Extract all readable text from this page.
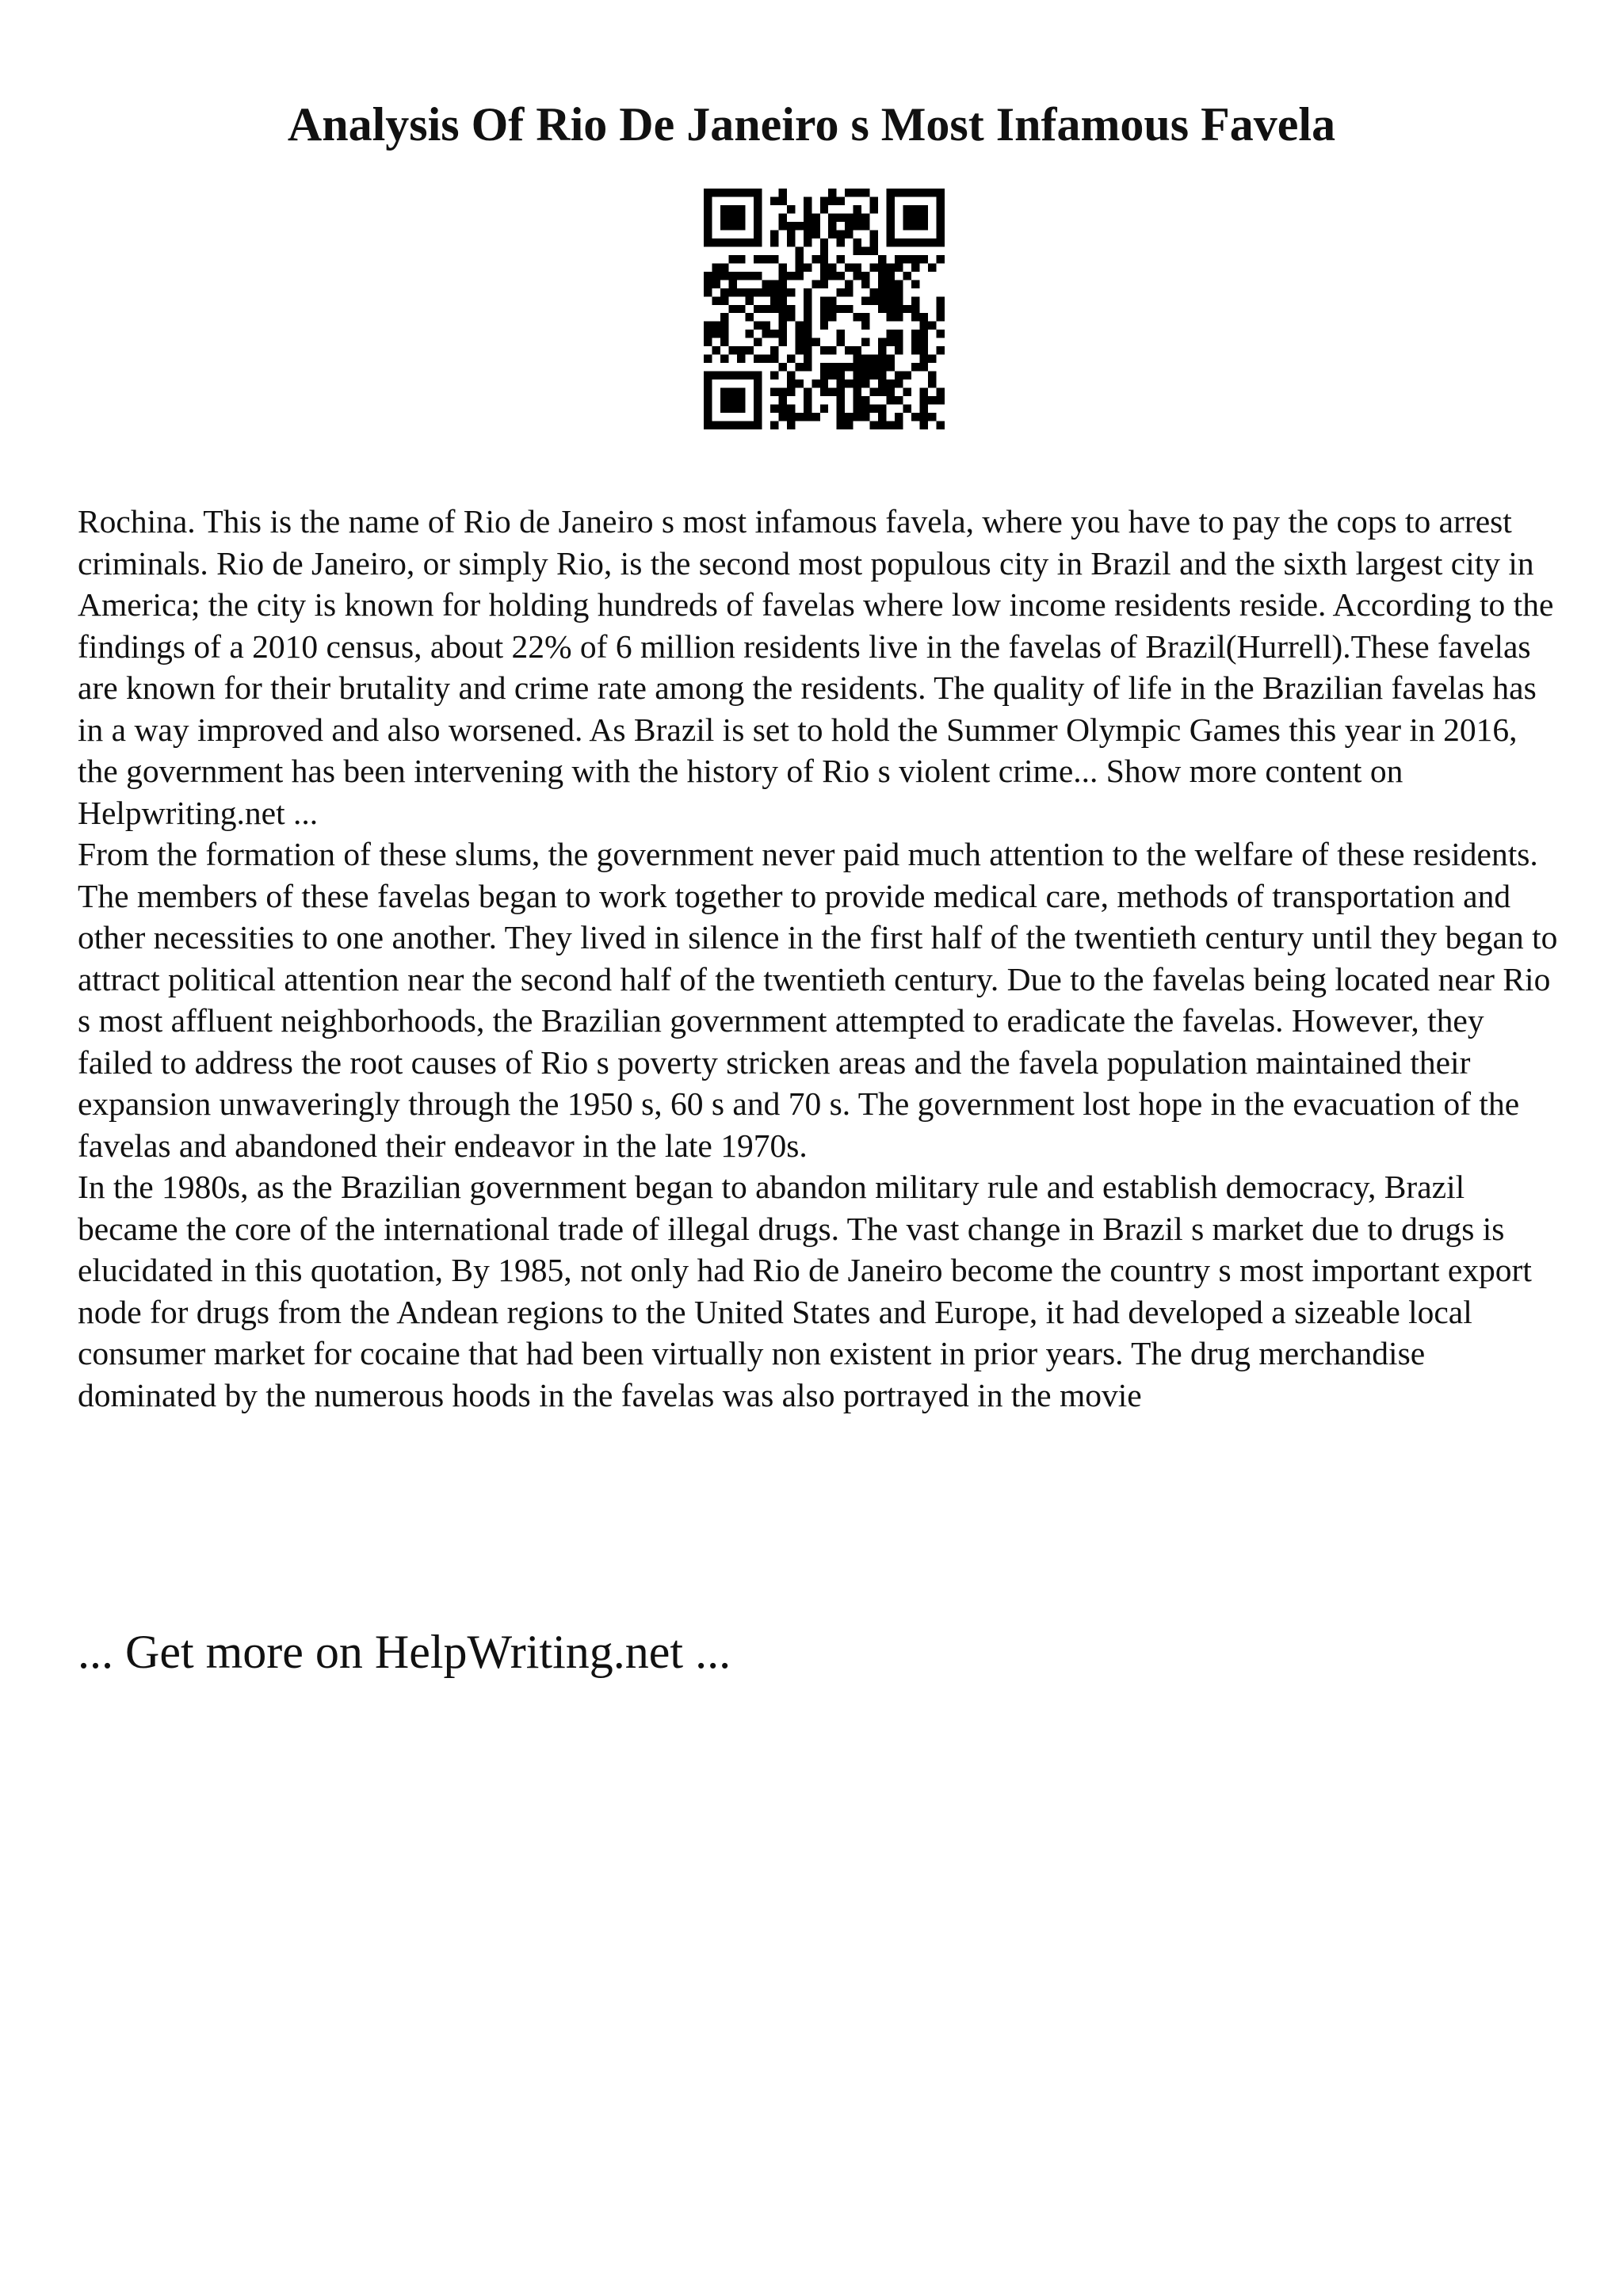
Analysis Of Rio De Janeiro s Most Infamous Favela

Rochina. This is the name of Rio de Janeiro s most infamous favela, where you have to pay the cops to arrest criminals. Rio de Janeiro, or simply Rio, is the second most populous city in Brazil and the sixth largest city in America; the city is known for holding hundreds of favelas where low income residents reside. According to the findings of a 2010 census, about 22% of 6 million residents live in the favelas of Brazil(Hurrell).These favelas are known for their brutality and crime rate among the residents. The quality of life in the Brazilian favelas has in a way improved and also worsened. As Brazil is set to hold the Summer Olympic Games this year in 2016, the government has been intervening with the history of Rio s violent crime... Show more content on Helpwriting.net ...

From the formation of these slums, the government never paid much attention to the welfare of these residents. The members of these favelas began to work together to provide medical care, methods of transportation and other necessities to one another. They lived in silence in the first half of the twentieth century until they began to attract political attention near the second half of the twentieth century. Due to the favelas being located near Rio s most affluent neighborhoods, the Brazilian government attempted to eradicate the favelas. However, they failed to address the root causes of Rio s poverty stricken areas and the favela population maintained their expansion unwaveringly through the 1950 s, 60 s and 70 s. The government lost hope in the evacuation of the favelas and abandoned their endeavor in the late 1970s.

In the 1980s, as the Brazilian government began to abandon military rule and establish democracy, Brazil became the core of the international trade of illegal drugs. The vast change in Brazil s market due to drugs is elucidated in this quotation, By 1985, not only had Rio de Janeiro become the country s most important export node for drugs from the Andean regions to the United States and Europe, it had developed a sizeable local consumer market for cocaine that had been virtually non existent in prior years. The drug merchandise dominated by the numerous hoods in the favelas was also portrayed in the movie

... Get more on HelpWriting.net ...
